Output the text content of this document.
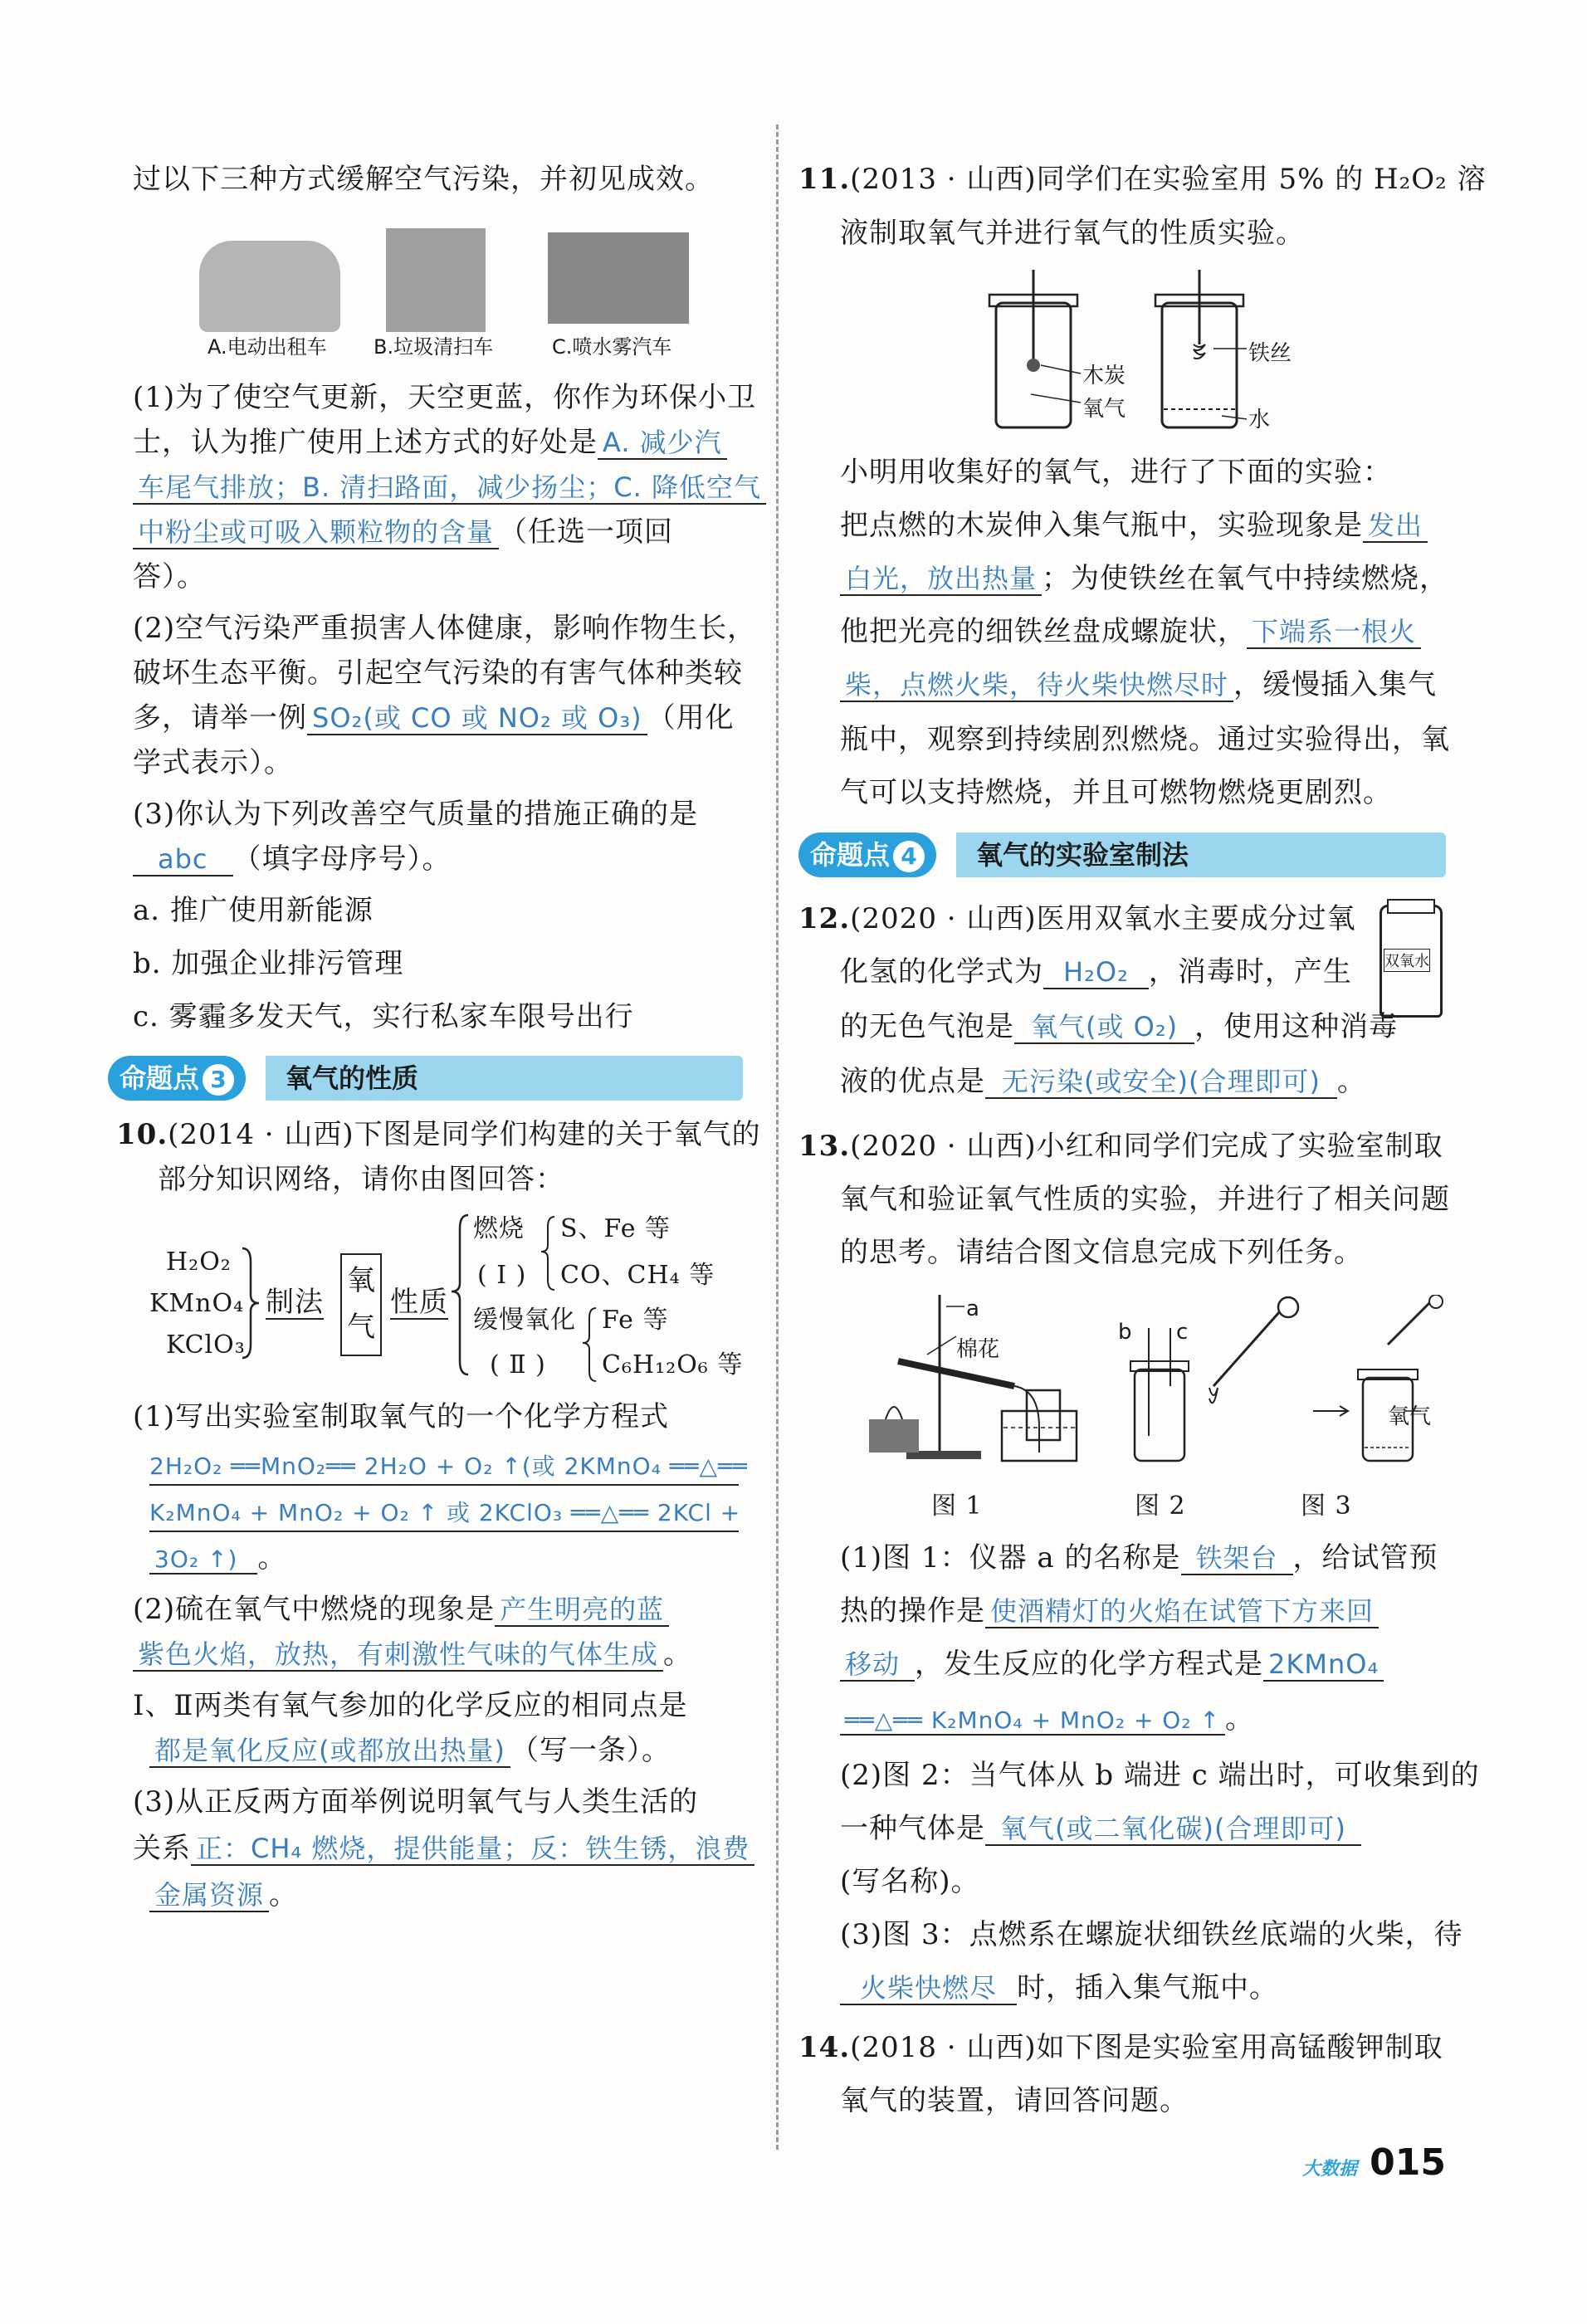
过以下三种方式缓解空气污染，并初见成效。
A.电动出租车 B.垃圾清扫车	C.喷水雾汽车
(1)为了使空气更新，天空更蓝，你作为环保小卫
士，认为推广使用上述方式的好处是 A. 减少汽
车尾气排放；B. 清扫路面，减少扬尘；C. 降低空气
中粉尘或可吸入颗粒物的含量 （任选一项回
答）。
(2)空气污染严重损害人体健康，影响作物生长，
破坏生态平衡。引起空气污染的有害气体种类较
多，请举一例 SO₂(或 CO 或 NO₂ 或 O₃) （用化
学式表示）。
(3)你认为下列改善空气质量的措施正确的是
abc （填字母序号）。
a. 推广使用新能源
b. 加强企业排污管理
c. 雾霾多发天气，实行私家车限号出行
氧气的性质
命题点 3
10.(2014 · 山西)下图是同学们构建的关于氧气的
部分知识网络，请你由图回答：
H₂O₂
KMnO₄
KClO₃
制法
氧
气
性质
燃烧
( Ⅰ )
S、Fe 等
CO、CH₄ 等
缓慢氧化
( Ⅱ )
Fe 等
C₆H₁₂O₆ 等
(1)写出实验室制取氧气的一个化学方程式
2H₂O₂ ══MnO₂══ 2H₂O + O₂ ↑(或 2KMnO₄ ══△══
K₂MnO₄ + MnO₂ + O₂ ↑ 或 2KClO₃ ══△══ 2KCl +
3O₂ ↑) 。
(2)硫在氧气中燃烧的现象是 产生明亮的蓝
紫色火焰，放热，有刺激性气味的气体生成 。
Ⅰ、Ⅱ两类有氧气参加的化学反应的相同点是
都是氧化反应(或都放出热量) （写一条）。
(3)从正反两方面举例说明氧气与人类生活的
关系 正：CH₄ 燃烧，提供能量；反：铁生锈，浪费
金属资源 。
11.(2013 · 山西)同学们在实验室用 5% 的 H₂O₂ 溶
液制取氧气并进行氧气的性质实验。
木炭
氧气
铁丝
水
小明用收集好的氧气，进行了下面的实验：
把点燃的木炭伸入集气瓶中，实验现象是 发出
白光，放出热量 ；为使铁丝在氧气中持续燃烧，
他把光亮的细铁丝盘成螺旋状， 下端系一根火
柴，点燃火柴，待火柴快燃尽时 ，缓慢插入集气
瓶中，观察到持续剧烈燃烧。通过实验得出，氧
气可以支持燃烧，并且可燃物燃烧更剧烈。
氧气的实验室制法
命题点 4
12.(2020 · 山西)医用双氧水主要成分过氧
双氧水
化氢的化学式为 H₂O₂ ，消毒时，产生
的无色气泡是 氧气(或 O₂) ，使用这种消毒
液的优点是 无污染(或安全)(合理即可) 。
13.(2020 · 山西)小红和同学们完成了实验室制取
氧气和验证氧气性质的实验，并进行了相关问题
的思考。请结合图文信息完成下列任务。
a
棉花
b c
氧气
图 1	图 2	图 3
(1)图 1：仪器 a 的名称是 铁架台 ，给试管预
热的操作是 使酒精灯的火焰在试管下方来回
移动 ，发生反应的化学方程式是 2KMnO₄
══△══ K₂MnO₄ + MnO₂ + O₂ ↑ 。
(2)图 2：当气体从 b 端进 c 端出时，可收集到的
一种气体是 氧气(或二氧化碳)(合理即可)
(写名称)。
(3)图 3：点燃系在螺旋状细铁丝底端的火柴，待
火柴快燃尽 时，插入集气瓶中。
14.(2018 · 山西)如下图是实验室用高锰酸钾制取
氧气的装置，请回答问题。
大数据 015
